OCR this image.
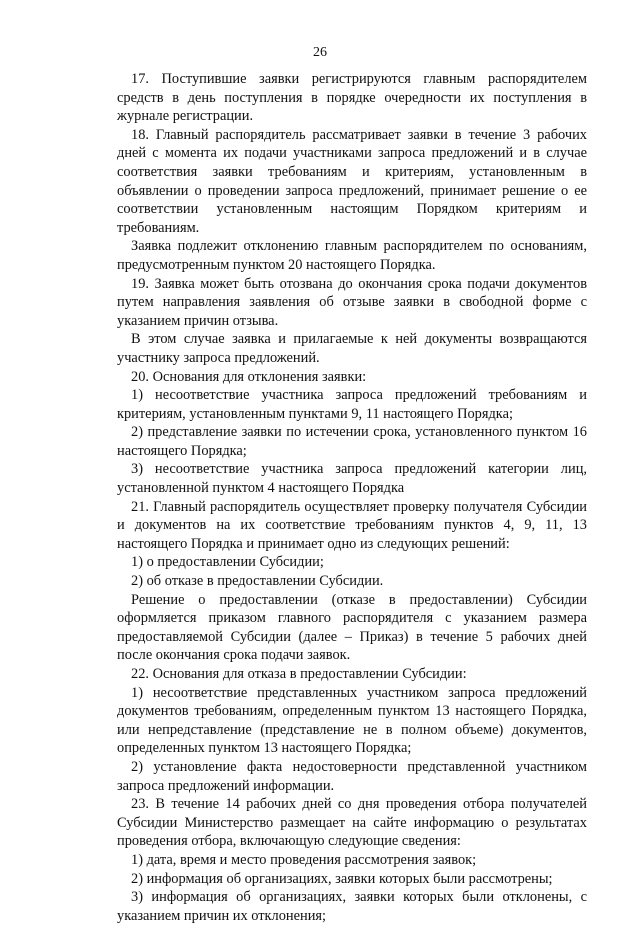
26

17. Поступившие заявки регистрируются главным распорядителем средств в день поступления в порядке очередности их поступления в журнале регистрации.

18. Главный распорядитель рассматривает заявки в течение 3 рабочих дней с момента их подачи участниками запроса предложений и в случае соответствия заявки требованиям и критериям, установленным в объявлении о проведении запроса предложений, принимает решение о ее соответствии установленным настоящим Порядком критериям и требованиям.

Заявка подлежит отклонению главным распорядителем по основаниям, предусмотренным пунктом 20 настоящего Порядка.

19. Заявка может быть отозвана до окончания срока подачи документов путем направления заявления об отзыве заявки в свободной форме с указанием причин отзыва.

В этом случае заявка и прилагаемые к ней документы возвращаются участнику запроса предложений.

20. Основания для отклонения заявки:

1) несоответствие участника запроса предложений требованиям и критериям, установленным пунктами 9, 11 настоящего Порядка;

2) представление заявки по истечении срока, установленного пунктом 16 настоящего Порядка;

3) несоответствие участника запроса предложений категории лиц, установленной пунктом 4 настоящего Порядка

21. Главный распорядитель осуществляет проверку получателя Субсидии и документов на их соответствие требованиям пунктов 4, 9, 11, 13 настоящего Порядка и принимает одно из следующих решений:

1) о предоставлении Субсидии;

2) об отказе в предоставлении Субсидии.

Решение о предоставлении (отказе в предоставлении) Субсидии оформляется приказом главного распорядителя с указанием размера предоставляемой Субсидии (далее – Приказ) в течение 5 рабочих дней после окончания срока подачи заявок.

22. Основания для отказа в предоставлении Субсидии:

1) несоответствие представленных участником запроса предложений документов требованиям, определенным пунктом 13 настоящего Порядка, или непредставление (представление не в полном объеме) документов, определенных пунктом 13 настоящего Порядка;

2) установление факта недостоверности представленной участником запроса предложений информации.

23. В течение 14 рабочих дней со дня проведения отбора получателей Субсидии Министерство размещает на сайте информацию о результатах проведения отбора, включающую следующие сведения:

1) дата, время и место проведения рассмотрения заявок;

2) информация об организациях, заявки которых были рассмотрены;

3) информация об организациях, заявки которых были отклонены, с указанием причин их отклонения;
